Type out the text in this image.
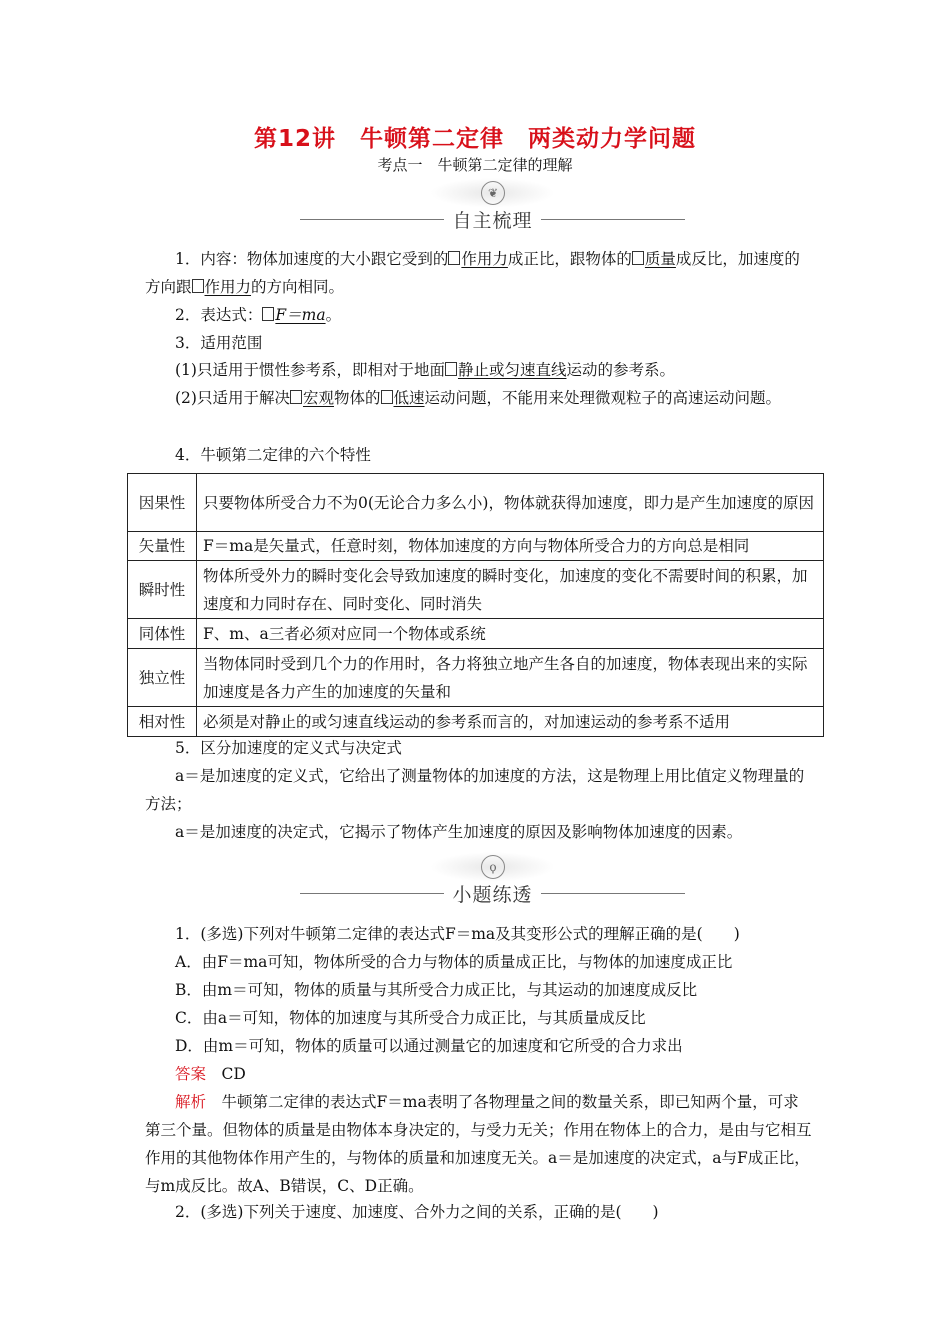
第12讲　牛顿第二定律　两类动力学问题
考点一　牛顿第二定律的理解
❦
自主梳理
1．内容：物体加速度的大小跟它受到的 作用力成正比，跟物体的 质量成反比，加速度的方向跟 作用力的方向相同。
2．表达式： F＝ma。
3．适用范围
(1)只适用于惯性参考系，即相对于地面 静止或匀速直线运动的参考系。
(2)只适用于解决 宏观物体的 低速运动问题，不能用来处理微观粒子的高速运动问题。
4．牛顿第二定律的六个特性
因果性	只要物体所受合力不为0(无论合力多么小)，物体就获得加速度，即力是产生加速度的原因
矢量性	F＝ma是矢量式，任意时刻，物体加速度的方向与物体所受合力的方向总是相同
瞬时性	物体所受外力的瞬时变化会导致加速度的瞬时变化，加速度的变化不需要时间的积累，加速度和力同时存在、同时变化、同时消失
同体性	F、m、a三者必须对应同一个物体或系统
独立性	当物体同时受到几个力的作用时，各力将独立地产生各自的加速度，物体表现出来的实际加速度是各力产生的加速度的矢量和
相对性	必须是对静止的或匀速直线运动的参考系而言的，对加速运动的参考系不适用
5．区分加速度的定义式与决定式
a＝是加速度的定义式，它给出了测量物体的加速度的方法，这是物理上用比值定义物理量的方法；
a＝是加速度的决定式，它揭示了物体产生加速度的原因及影响物体加速度的因素。
ϙ
小题练透
1．(多选)下列对牛顿第二定律的表达式F＝ma及其变形公式的理解正确的是(　　)
A．由F＝ma可知，物体所受的合力与物体的质量成正比，与物体的加速度成正比
B．由m＝可知，物体的质量与其所受合力成正比，与其运动的加速度成反比
C．由a＝可知，物体的加速度与其所受合力成正比，与其质量成反比
D．由m＝可知，物体的质量可以通过测量它的加速度和它所受的合力求出
答案　 CD
解析　 牛顿第二定律的表达式F＝ma表明了各物理量之间的数量关系，即已知两个量，可求第三个量。但物体的质量是由物体本身决定的，与受力无关；作用在物体上的合力，是由与它相互作用的其他物体作用产生的，与物体的质量和加速度无关。a＝是加速度的决定式，a与F成正比，与m成反比。故A、B错误，C、D正确。
2．(多选)下列关于速度、加速度、合外力之间的关系，正确的是(　　)
